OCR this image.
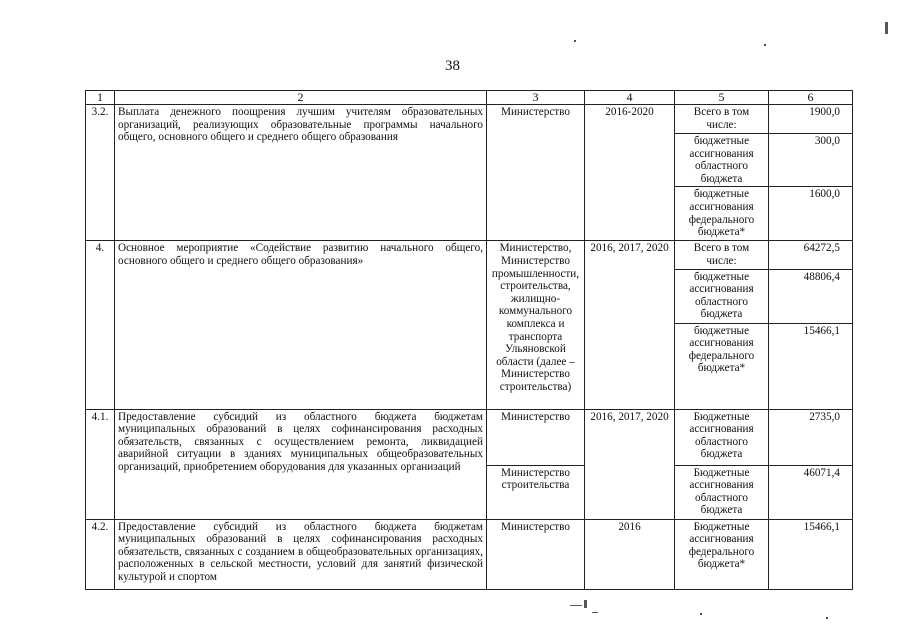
38
1	2	3	4	5	6
3.2.	Выплата денежного поощрения лучшим учителям образовательных организаций, реализующих образовательные программы начального общего, основного общего и среднего общего образования	Министерство	2016-2020	Всего в том числе:	1900,0
				бюджетные ассигнования областного бюджета	300,0
				бюджетные ассигнования федерального бюджета*	1600,0
4.	Основное мероприятие «Содействие развитию начального общего, основного общего и среднего общего образования»	Министерство, Министерство промышленности, строительства, жилищно-коммунального комплекса и транспорта Ульяновской области (далее – Министерство строительства)	2016, 2017, 2020	Всего в том числе:	64272,5
				бюджетные ассигнования областного бюджета	48806,4
				бюджетные ассигнования федерального бюджета*	15466,1
4.1.	Предоставление субсидий из областного бюджета бюджетам муниципальных образований в целях софинансирования расходных обязательств, связанных с осуществлением ремонта, ликвидацией аварийной ситуации в зданиях муниципальных общеобразовательных организаций, приобретением оборудования для указанных организаций	Министерство	2016, 2017, 2020	Бюджетные ассигнования областного бюджета	2735,0
		Министерство строительства		Бюджетные ассигнования областного бюджета	46071,4
4.2.	Предоставление субсидий из областного бюджета бюджетам муниципальных образований в целях софинансирования расходных обязательств, связанных с созданием в общеобразовательных организациях, расположенных в сельской местности, условий для занятий физической культурой и спортом	Министерство	2016	Бюджетные ассигнования федерального бюджета*	15466,1
